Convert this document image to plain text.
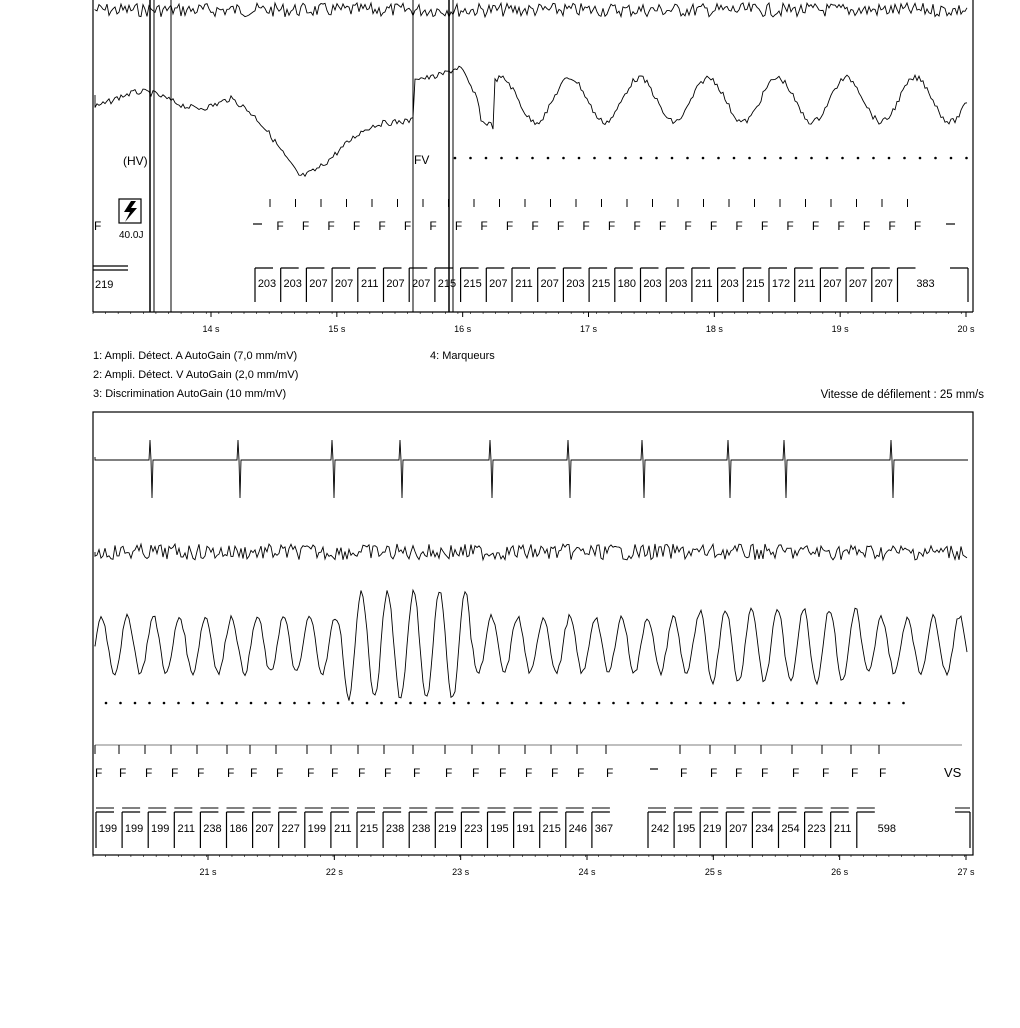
F F F F F F F F F F F F F F F F F F F F F F F F F F
F
203 203 207 207 211 207 207 215 215 207 211 207 203 215 180 203 203 211 203 215 172 211 207 207 207 383
40.0J
(HV)	FV
219
14 s	15 s	16 s	17 s	18 s	19 s	20 s
1: Ampli. Détect. A AutoGain (7,0 mm/mV)
2: Ampli. Détect. V AutoGain (2,0 mm/mV)
3: Discrimination AutoGain (10 mm/mV)
4: Marqueurs
Vitesse de défilement : 25 mm/s
F F F F F F F F F F F F F F F F F F F F	F F F F F F F F
199 199 199 211 238 186 207 227 199 211 215 238 238 219 223 195 191 215 246 367	242 195 219 207 234 254 223 211 598
VS
21 s	22 s	23 s	24 s	25 s	26 s	27 s
